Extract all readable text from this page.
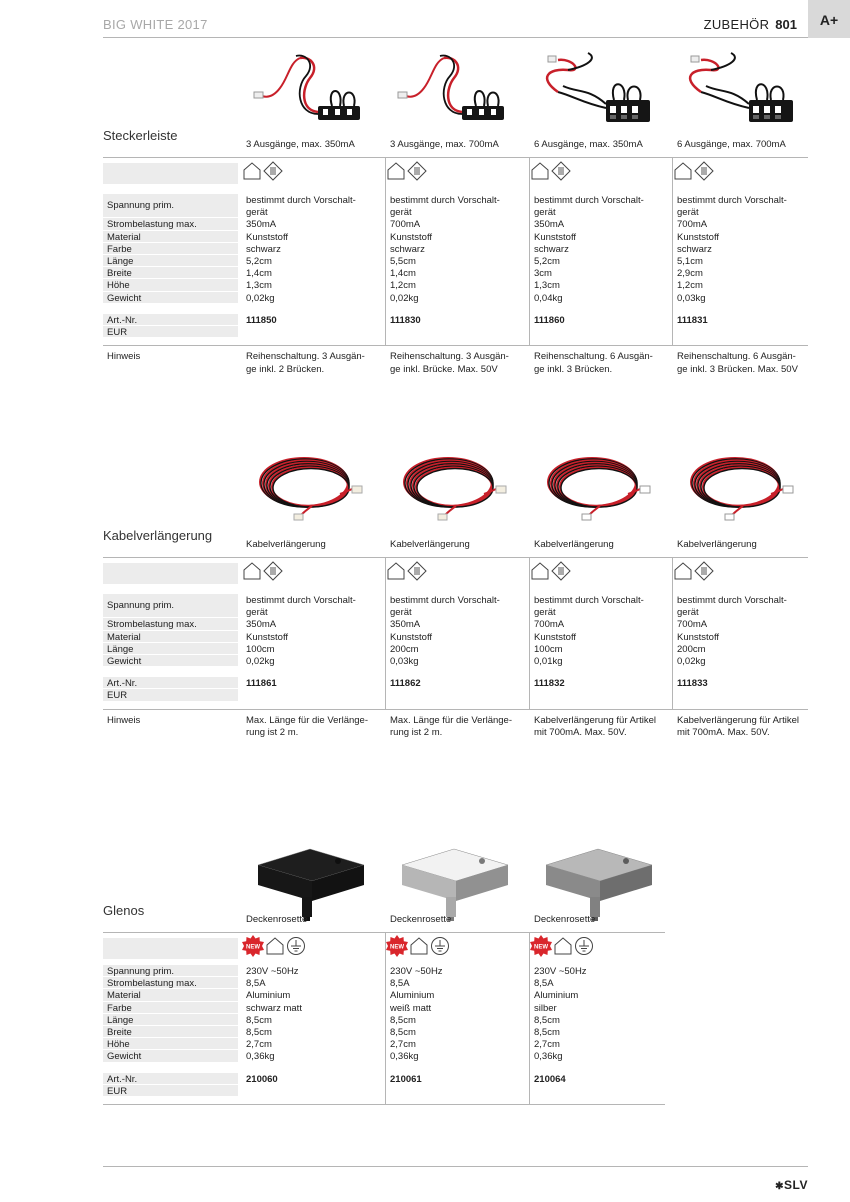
BIG WHITE 2017	ZUBEHÖR 801	A+
Steckerleiste
Spannung prim.
Strombelastung max.
Material
Farbe
Länge
Breite
Höhe
Gewicht
Art.-Nr.
EUR
Hinweis
3 Ausgänge, max. 350mA
bestimmt durch Vorschalt-
gerät
350mA
Kunststoff
schwarz
5,2cm
1,4cm
1,3cm
0,02kg
111850
Reihenschaltung. 3 Ausgän-
ge inkl. 2 Brücken.
3 Ausgänge, max. 700mA
bestimmt durch Vorschalt-
gerät
700mA
Kunststoff
schwarz
5,5cm
1,4cm
1,2cm
0,02kg
111830
Reihenschaltung. 3 Ausgän-
ge inkl. Brücke. Max. 50V
6 Ausgänge, max. 350mA
bestimmt durch Vorschalt-
gerät
350mA
Kunststoff
schwarz
5,2cm
3cm
1,3cm
0,04kg
111860
Reihenschaltung. 6 Ausgän-
ge inkl. 3 Brücken.
6 Ausgänge, max. 700mA
bestimmt durch Vorschalt-
gerät
700mA
Kunststoff
schwarz
5,1cm
2,9cm
1,2cm
0,03kg
111831
Reihenschaltung. 6 Ausgän-
ge inkl. 3 Brücken. Max. 50V
Kabelverlängerung
Spannung prim.
Strombelastung max.
Material
Länge
Gewicht
Art.-Nr.
EUR
Hinweis
Kabelverlängerung
bestimmt durch Vorschalt-
gerät
350mA
Kunststoff
100cm
0,02kg
111861
Max. Länge für die Verlänge-
rung ist 2 m.
Kabelverlängerung
bestimmt durch Vorschalt-
gerät
350mA
Kunststoff
200cm
0,03kg
111862
Max. Länge für die Verlänge-
rung ist 2 m.
Kabelverlängerung
bestimmt durch Vorschalt-
gerät
700mA
Kunststoff
100cm
0,01kg
111832
Kabelverlängerung für Artikel
mit 700mA. Max. 50V.
Kabelverlängerung
bestimmt durch Vorschalt-
gerät
700mA
Kunststoff
200cm
0,02kg
111833
Kabelverlängerung für Artikel
mit 700mA. Max. 50V.
Glenos
Spannung prim.
Strombelastung max.
Material
Farbe
Länge
Breite
Höhe
Gewicht
Art.-Nr.
EUR
Deckenrosette
NEW
230V ~50Hz
8,5A
Aluminium
schwarz matt
8,5cm
8,5cm
2,7cm
0,36kg
210060
Deckenrosette
NEW
230V ~50Hz
8,5A
Aluminium
weiß matt
8,5cm
8,5cm
2,7cm
0,36kg
210061
Deckenrosette
NEW
230V ~50Hz
8,5A
Aluminium
silber
8,5cm
8,5cm
2,7cm
0,36kg
210064
✱SLV
